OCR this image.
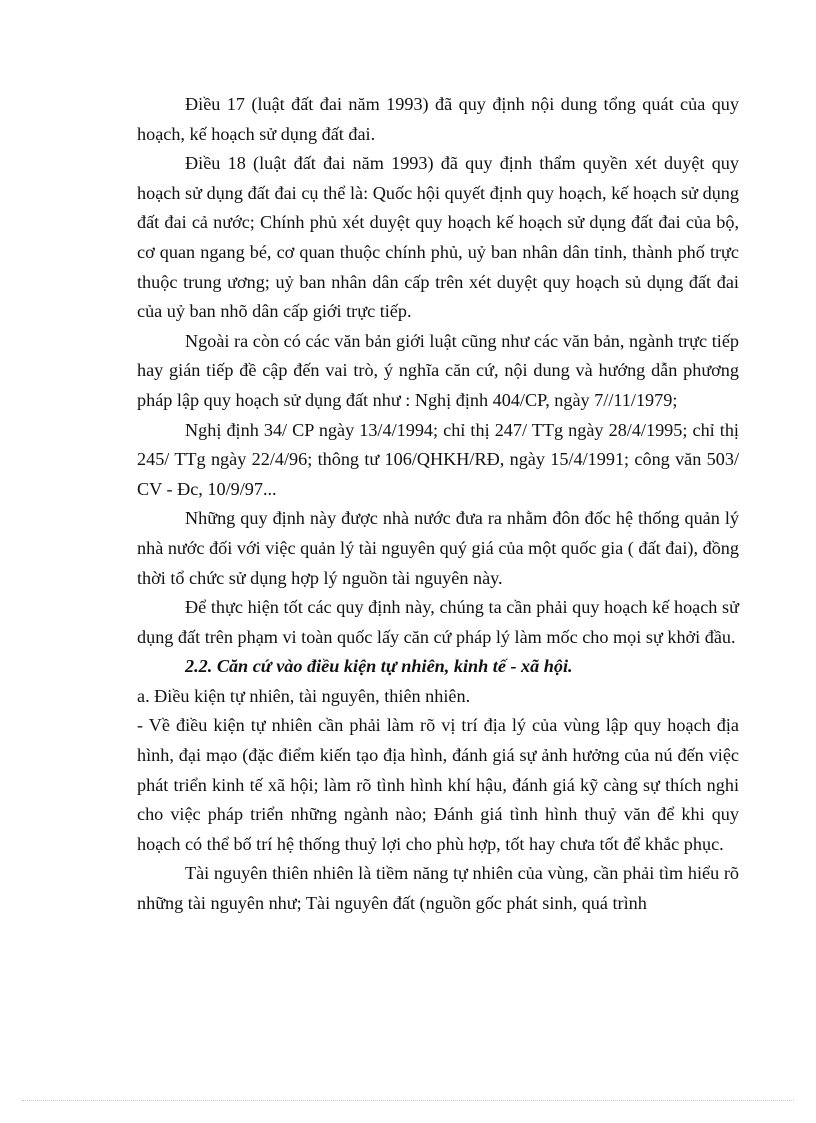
Điều 17 (luật đất đai năm 1993) đã quy định nội dung tổng quát của quy hoạch, kế hoạch sử dụng đất đai.

Điều 18 (luật đất đai năm 1993) đã quy định thẩm quyền xét duyệt quy hoạch sử dụng đất đai cụ thể là: Quốc hội quyết định quy hoạch, kế hoạch sử dụng đất đai cả nước; Chính phủ xét duyệt quy hoạch kế hoạch sử dụng đất đai của bộ, cơ quan ngang bé, cơ quan thuộc chính phủ, uỷ ban nhân dân tỉnh, thành phố trực thuộc trung ương; uỷ ban nhân dân cấp trên xét duyệt quy hoạch sủ dụng đất đai của uỷ ban nhõ dân cấp giới trực tiếp.

Ngoài ra còn có các văn bản giới luật cũng như các văn bản, ngành trực tiếp hay gián tiếp đề cập đến vai trò, ý nghĩa căn cứ, nội dung và hướng dẫn phương pháp lập quy hoạch sử dụng đất như : Nghị định 404/CP, ngày 7//11/1979;

Nghị định 34/ CP ngày 13/4/1994; chỉ thị 247/ TTg ngày 28/4/1995; chỉ thị 245/ TTg ngày 22/4/96; thông tư 106/QHKH/RĐ, ngày 15/4/1991; công văn 503/ CV - Đc, 10/9/97...

Những quy định này được nhà nước đưa ra nhằm đôn đốc hệ thống quản lý nhà nước đối với việc quản lý tài nguyên quý giá của một quốc gia ( đất đai), đồng thời tổ chức sử dụng hợp lý nguồn tài nguyên này.

Để thực hiện tốt các quy định này, chúng ta cần phải quy hoạch kế hoạch sử dụng đất trên phạm vi toàn quốc lấy căn cứ pháp lý làm mốc cho mọi sự khởi đầu.

2.2. Căn cứ vào điều kiện tự nhiên, kinh tế - xã hội.

a. Điều kiện tự nhiên, tài nguyên, thiên nhiên.

- Về điều kiện tự nhiên cần phải làm rõ vị trí địa lý của vùng lập quy hoạch địa hình, đại mạo (đặc điểm kiến tạo địa hình, đánh giá sự ảnh hưởng của nú đến việc phát triển kinh tế xã hội; làm rõ tình hình khí hậu, đánh giá kỹ càng sự thích nghi cho việc pháp triển những ngành nào; Đánh giá tình hình thuỷ văn để khi quy hoạch có thể bố trí hệ thống thuỷ lợi cho phù hợp, tốt hay chưa tốt để khắc phục.

Tài nguyên thiên nhiên là tiềm năng tự nhiên của vùng, cần phải tìm hiểu rõ những tài nguyên như; Tài nguyên đất (nguồn gốc phát sinh, quá trình
